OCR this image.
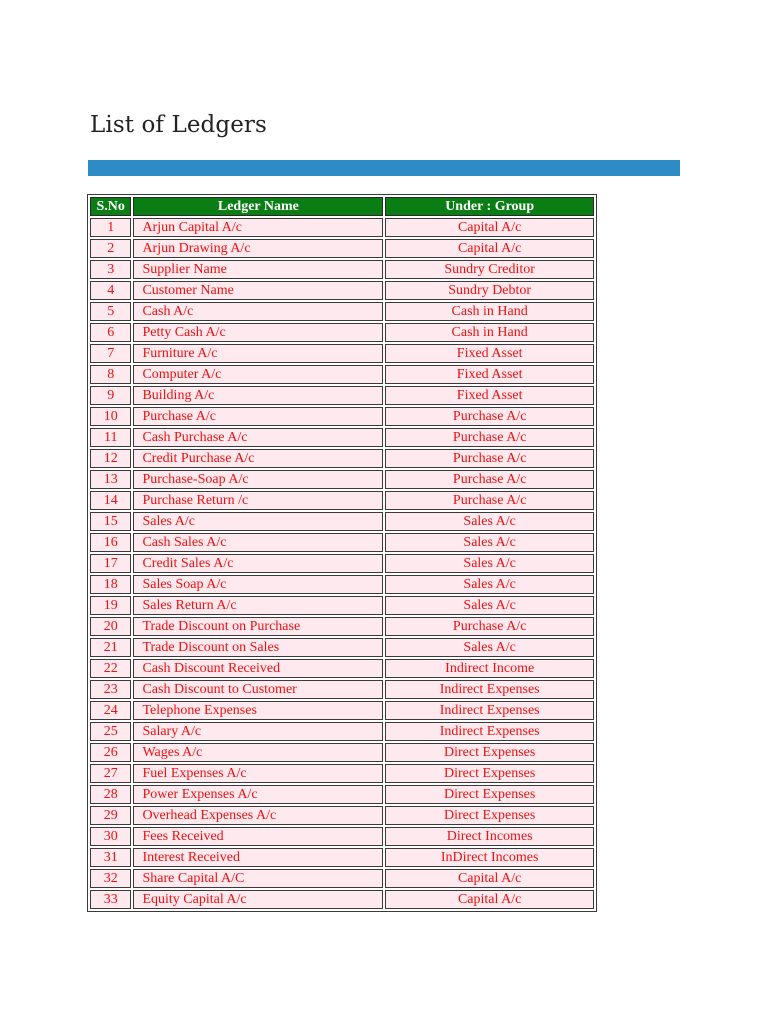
List of Ledgers
S.No	Ledger Name	Under : Group
1	Arjun Capital A/c	Capital A/c
2	Arjun Drawing A/c	Capital A/c
3	Supplier Name	Sundry Creditor
4	Customer Name	Sundry Debtor
5	Cash A/c	Cash in Hand
6	Petty Cash A/c	Cash in Hand
7	Furniture A/c	Fixed Asset
8	Computer A/c	Fixed Asset
9	Building A/c	Fixed Asset
10	Purchase A/c	Purchase A/c
11	Cash Purchase A/c	Purchase A/c
12	Credit Purchase A/c	Purchase A/c
13	Purchase-Soap A/c	Purchase A/c
14	Purchase Return /c	Purchase A/c
15	Sales A/c	Sales A/c
16	Cash Sales A/c	Sales A/c
17	Credit Sales A/c	Sales A/c
18	Sales Soap A/c	Sales A/c
19	Sales Return A/c	Sales A/c
20	Trade Discount on Purchase	Purchase A/c
21	Trade Discount on Sales	Sales A/c
22	Cash Discount Received	Indirect Income
23	Cash Discount to Customer	Indirect Expenses
24	Telephone Expenses	Indirect Expenses
25	Salary A/c	Indirect Expenses
26	Wages A/c	Direct Expenses
27	Fuel Expenses A/c	Direct Expenses
28	Power Expenses A/c	Direct Expenses
29	Overhead Expenses A/c	Direct Expenses
30	Fees Received	Direct Incomes
31	Interest Received	InDirect Incomes
32	Share Capital A/C	Capital A/c
33	Equity Capital A/c	Capital A/c
